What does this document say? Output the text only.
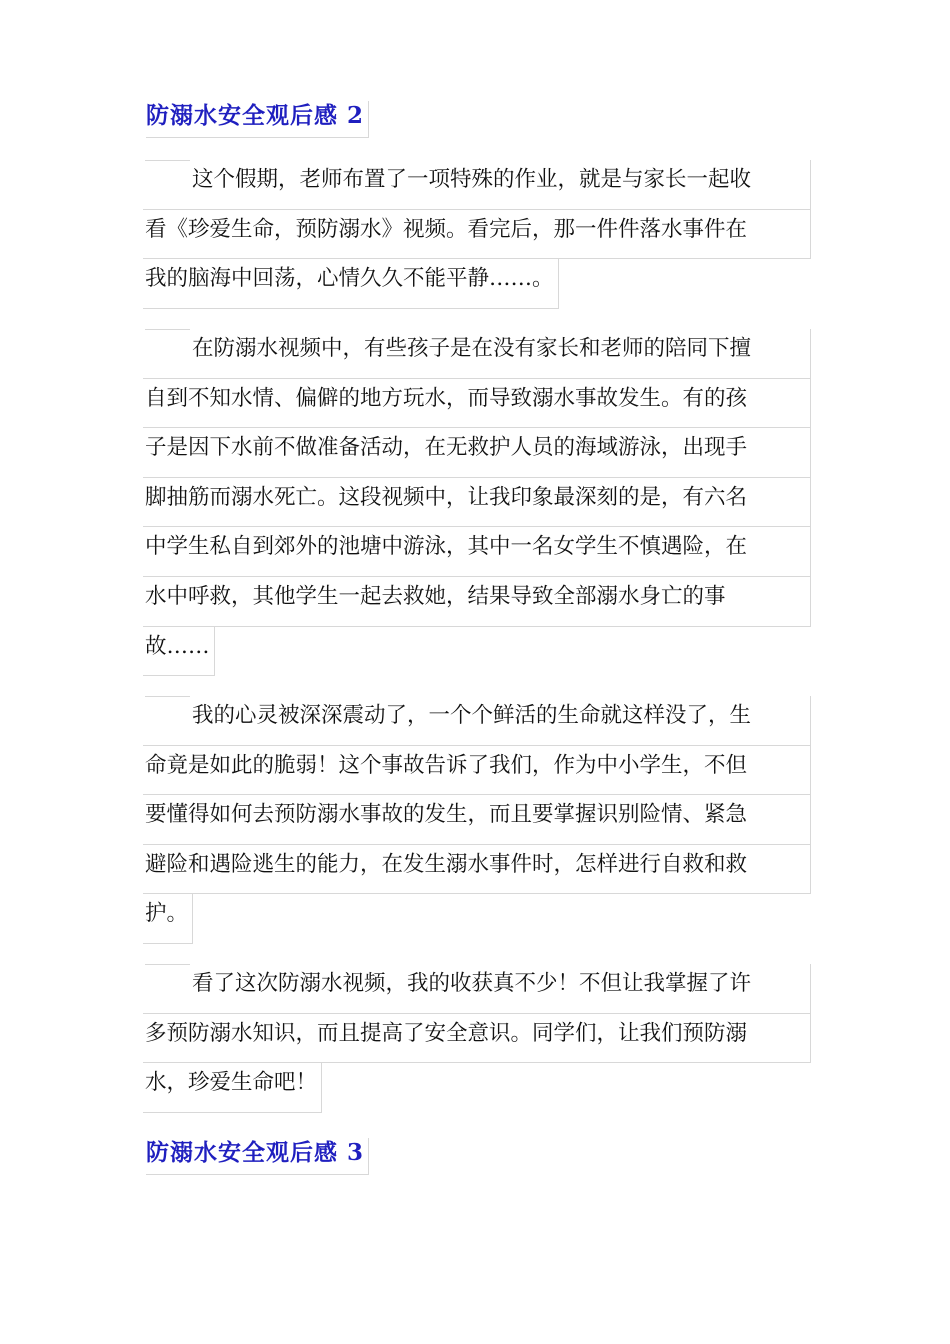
防溺水安全观后感 2
这个假期，老师布置了一项特殊的作业，就是与家长一起收
看《珍爱生命，预防溺水》视频。看完后，那一件件落水事件在
我的脑海中回荡，心情久久不能平静……。
在防溺水视频中，有些孩子是在没有家长和老师的陪同下擅
自到不知水情、偏僻的地方玩水，而导致溺水事故发生。有的孩
子是因下水前不做准备活动，在无救护人员的海域游泳，出现手
脚抽筋而溺水死亡。这段视频中，让我印象最深刻的是，有六名
中学生私自到郊外的池塘中游泳，其中一名女学生不慎遇险，在
水中呼救，其他学生一起去救她，结果导致全部溺水身亡的事
故……
我的心灵被深深震动了，一个个鲜活的生命就这样没了，生
命竟是如此的脆弱！这个事故告诉了我们，作为中小学生，不但
要懂得如何去预防溺水事故的发生，而且要掌握识别险情、紧急
避险和遇险逃生的能力，在发生溺水事件时，怎样进行自救和救
护。
看了这次防溺水视频，我的收获真不少！不但让我掌握了许
多预防溺水知识，而且提高了安全意识。同学们，让我们预防溺
水，珍爱生命吧！
防溺水安全观后感 3
